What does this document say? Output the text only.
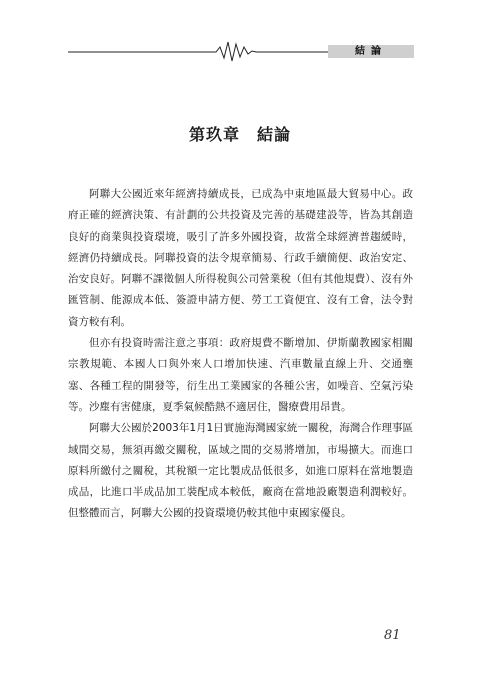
結論
第玖章　結論

阿聯大公國近來年經濟持續成長，已成為中東地區最大貿易中心。政府正確的經濟決策、有計劃的公共投資及完善的基礎建設等，皆為其創造良好的商業與投資環境，吸引了許多外國投資，故當全球經濟普趨緩時，經濟仍持續成長。阿聯投資的法令規章簡易、行政手續簡便、政治安定、治安良好。阿聯不課徵個人所得稅與公司營業稅（但有其他規費）、沒有外匯管制、能源成本低、簽證申請方便、勞工工資便宜、沒有工會，法令對資方較有利。

但亦有投資時需注意之事項：政府規費不斷增加、伊斯蘭教國家相關宗教規範、本國人口與外來人口增加快速、汽車數量直線上升、交通壅塞、各種工程的開發等，衍生出工業國家的各種公害，如噪音、空氣污染等。沙塵有害健康，夏季氣候酷熱不適居住，醫療費用昂貴。

阿聯大公國於2003年1月1日實施海灣國家統一關稅，海灣合作理事區域間交易，無須再繳交關稅，區域之間的交易將增加，市場擴大。而進口原料所繳付之關稅，其稅額一定比製成品低很多，如進口原料在當地製造成品，比進口半成品加工裝配成本較低，廠商在當地設廠製造利潤較好。但整體而言，阿聯大公國的投資環境仍較其他中東國家優良。

81
